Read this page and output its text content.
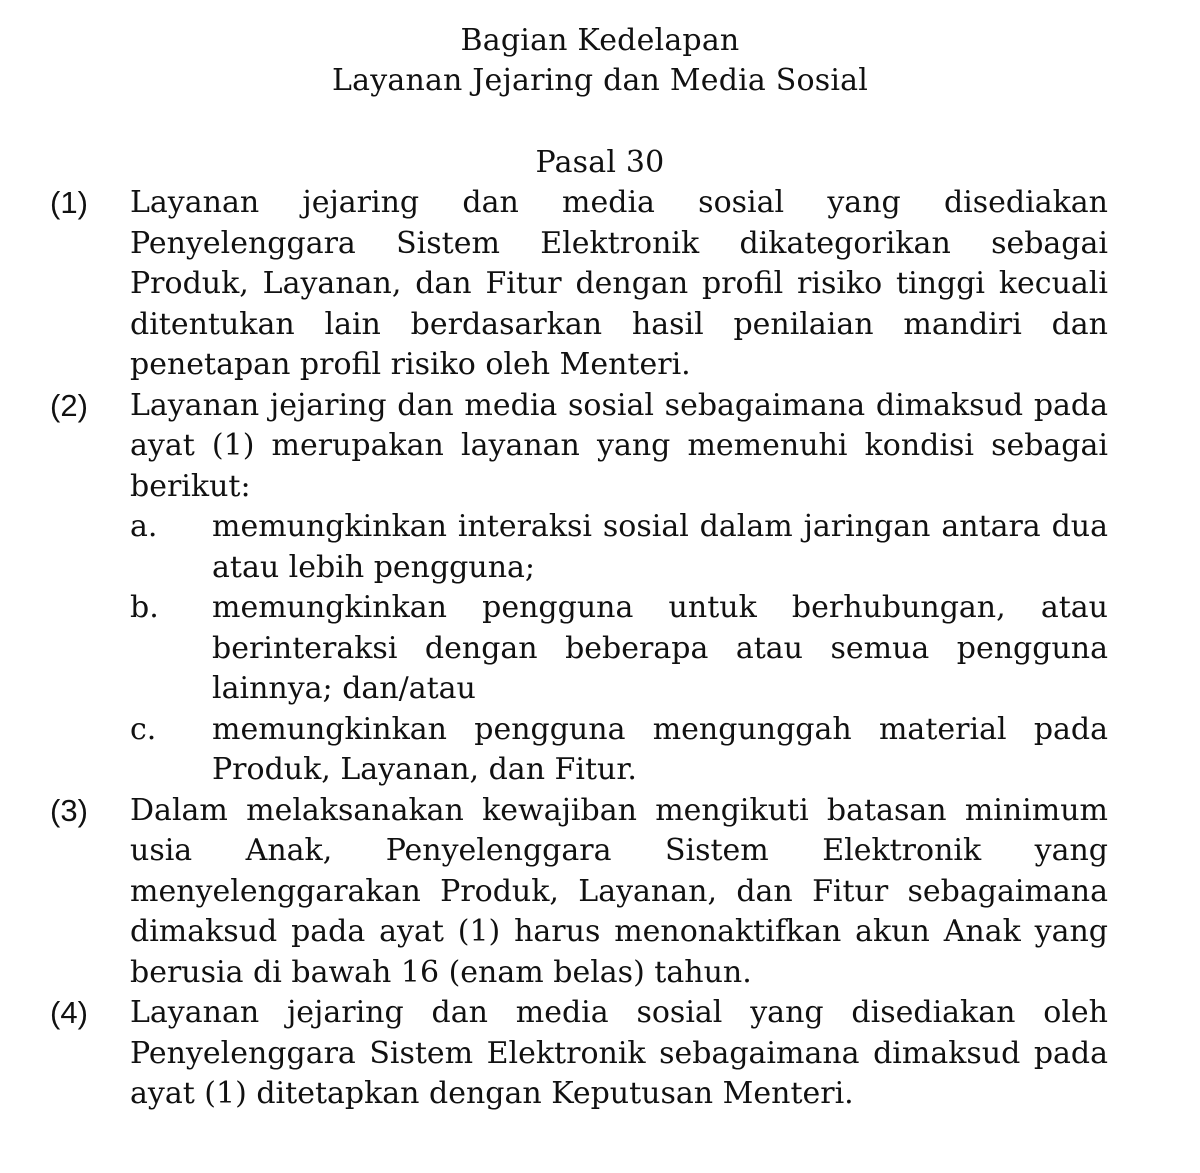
Bagian Kedelapan
Layanan Jejaring dan Media Sosial
Pasal 30
(1)	Layanan jejaring dan media sosial yang disediakan Penyelenggara Sistem Elektronik dikategorikan sebagai Produk, Layanan, dan Fitur dengan profil risiko tinggi kecuali ditentukan lain berdasarkan hasil penilaian mandiri dan penetapan profil risiko oleh Menteri.
(2)	Layanan jejaring dan media sosial sebagaimana dimaksud pada ayat (1) merupakan layanan yang memenuhi kondisi sebagai berikut:
a.	memungkinkan interaksi sosial dalam jaringan antara dua atau lebih pengguna;
b.	memungkinkan pengguna untuk berhubungan, atau berinteraksi dengan beberapa atau semua pengguna lainnya; dan/atau
c.	memungkinkan pengguna mengunggah material pada Produk, Layanan, dan Fitur.
(3)	Dalam melaksanakan kewajiban mengikuti batasan minimum usia Anak, Penyelenggara Sistem Elektronik yang menyelenggarakan Produk, Layanan, dan Fitur sebagaimana dimaksud pada ayat (1) harus menonaktifkan akun Anak yang berusia di bawah 16 (enam belas) tahun.
(4)	Layanan jejaring dan media sosial yang disediakan oleh Penyelenggara Sistem Elektronik sebagaimana dimaksud pada ayat (1) ditetapkan dengan Keputusan Menteri.
